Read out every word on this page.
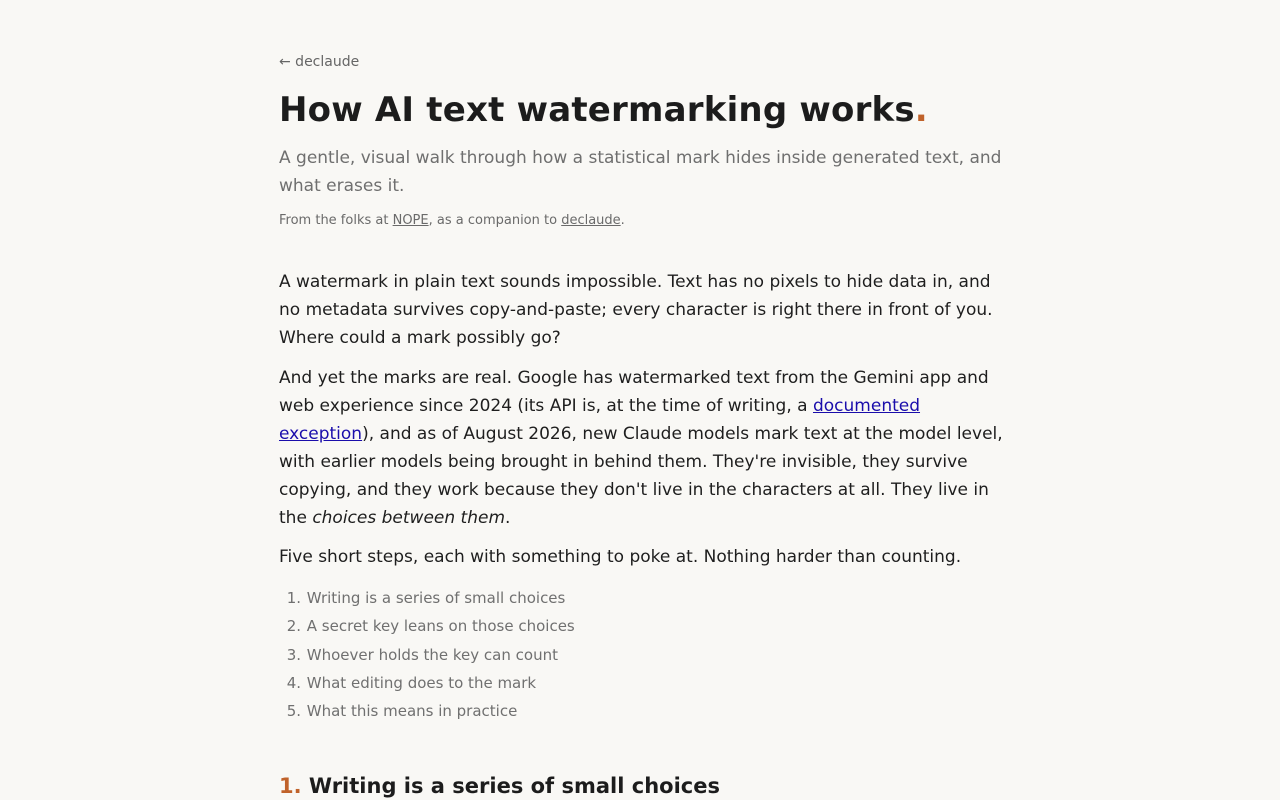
← declaude
How AI text watermarking works.

A gentle, visual walk through how a statistical mark hides inside generated text, and what erases it.

From the folks at NOPE, as a companion to declaude.

A watermark in plain text sounds impossible. Text has no pixels to hide data in, and no metadata survives copy-and-paste; every character is right there in front of you. Where could a mark possibly go?

And yet the marks are real. Google has watermarked text from the Gemini app and web experience since 2024 (its API is, at the time of writing, a documented exception), and as of August 2026, new Claude models mark text at the model level, with earlier models being brought in behind them. They're invisible, they survive copying, and they work because they don't live in the characters at all. They live in the choices between them.

Five short steps, each with something to poke at. Nothing harder than counting.

1. Writing is a series of small choices
2. A secret key leans on those choices
3. Whoever holds the key can count
4. What editing does to the mark
5. What this means in practice
1. Writing is a series of small choices
